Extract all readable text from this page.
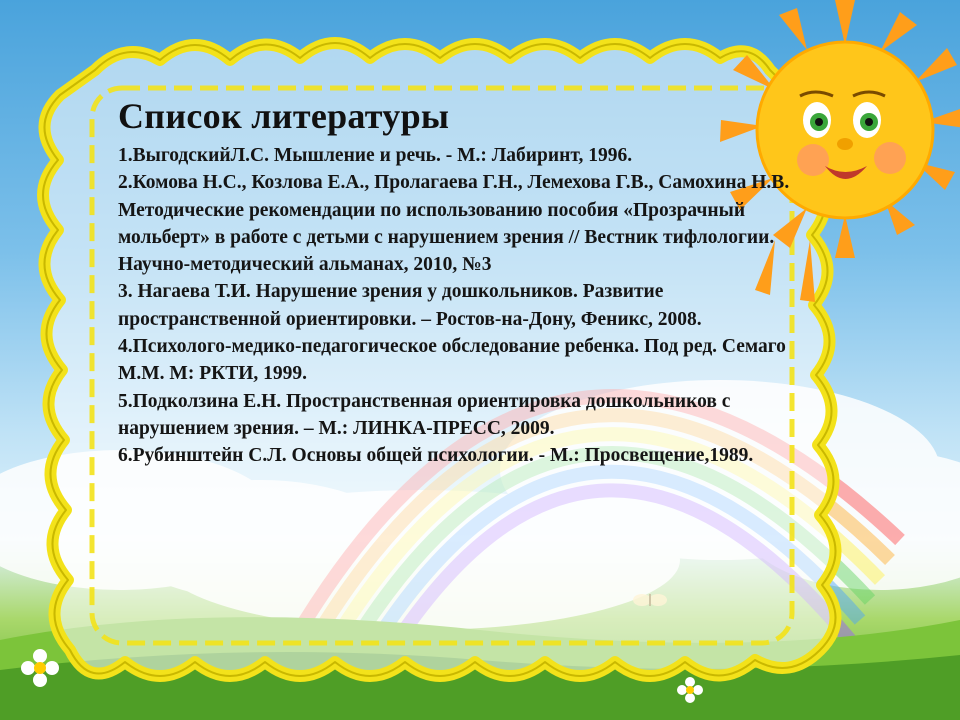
Список литературы

1.ВыгодскийЛ.С. Мышление и речь. - М.: Лабиринт, 1996.

2.Комова Н.С., Козлова Е.А., Пролагаева Г.Н., Лемехова Г.В., Самохина Н.В. Методические рекомендации по использованию пособия «Прозрачный мольберт» в работе с детьми с нарушением зрения // Вестник тифлологии. Научно-методический альманах, 2010, №3

3. Нагаева Т.И. Нарушение зрения у дошкольников. Развитие пространственной ориентировки. – Ростов-на-Дону, Феникс, 2008.

4.Психолого-медико-педагогическое обследование ребенка. Под ред. Семаго М.М. М: РКТИ, 1999.

5.Подколзина Е.Н. Пространственная ориентировка дошкольников с нарушением зрения. – М.: ЛИНКА-ПРЕСС, 2009.

6.Рубинштейн С.Л. Основы общей психологии. - М.: Просвещение,1989.
